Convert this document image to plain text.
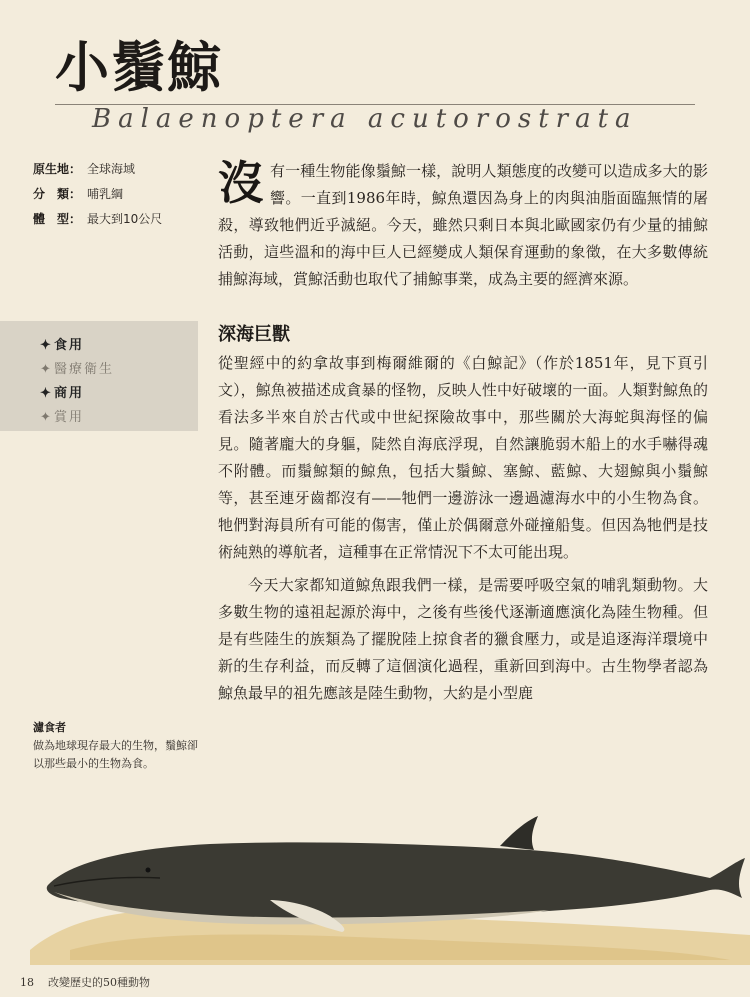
小鬚鯨
Balaenoptera acutorostrata
原生地： 全球海域
分　類： 哺乳綱
體　型： 最大到10公尺
✦食用
✦醫療衛生
✦商用
✦賞用
濾食者
做為地球現存最大的生物，鬚鯨卻以那些最小的生物為食。

沒有一種生物能像鬚鯨一樣，說明人類態度的改變可以造成多大的影響。一直到1986年時，鯨魚還因為身上的肉與油脂面臨無情的屠殺，導致牠們近乎滅絕。今天，雖然只剩日本與北歐國家仍有少量的捕鯨活動，這些溫和的海中巨人已經變成人類保育運動的象徵，在大多數傳統捕鯨海域，賞鯨活動也取代了捕鯨事業，成為主要的經濟來源。

深海巨獸

從聖經中的約拿故事到梅爾維爾的《白鯨記》（作於1851年，見下頁引文），鯨魚被描述成貪暴的怪物，反映人性中好破壞的一面。人類對鯨魚的看法多半來自於古代或中世紀探險故事中，那些關於大海蛇與海怪的偏見。隨著龐大的身軀，陡然自海底浮現，自然讓脆弱木船上的水手嚇得魂不附體。而鬚鯨類的鯨魚，包括大鬚鯨、塞鯨、藍鯨、大翅鯨與小鬚鯨等，甚至連牙齒都沒有——牠們一邊游泳一邊過濾海水中的小生物為食。牠們對海員所有可能的傷害，僅止於偶爾意外碰撞船隻。但因為牠們是技術純熟的導航者，這種事在正常情況下不太可能出現。

今天大家都知道鯨魚跟我們一樣，是需要呼吸空氣的哺乳類動物。大多數生物的遠祖起源於海中，之後有些後代逐漸適應演化為陸生物種。但是有些陸生的族類為了擺脫陸上掠食者的獵食壓力，或是追逐海洋環境中新的生存利益，而反轉了這個演化過程，重新回到海中。古生物學者認為鯨魚最早的祖先應該是陸生動物，大約是小型鹿

18 改變歷史的50種動物
